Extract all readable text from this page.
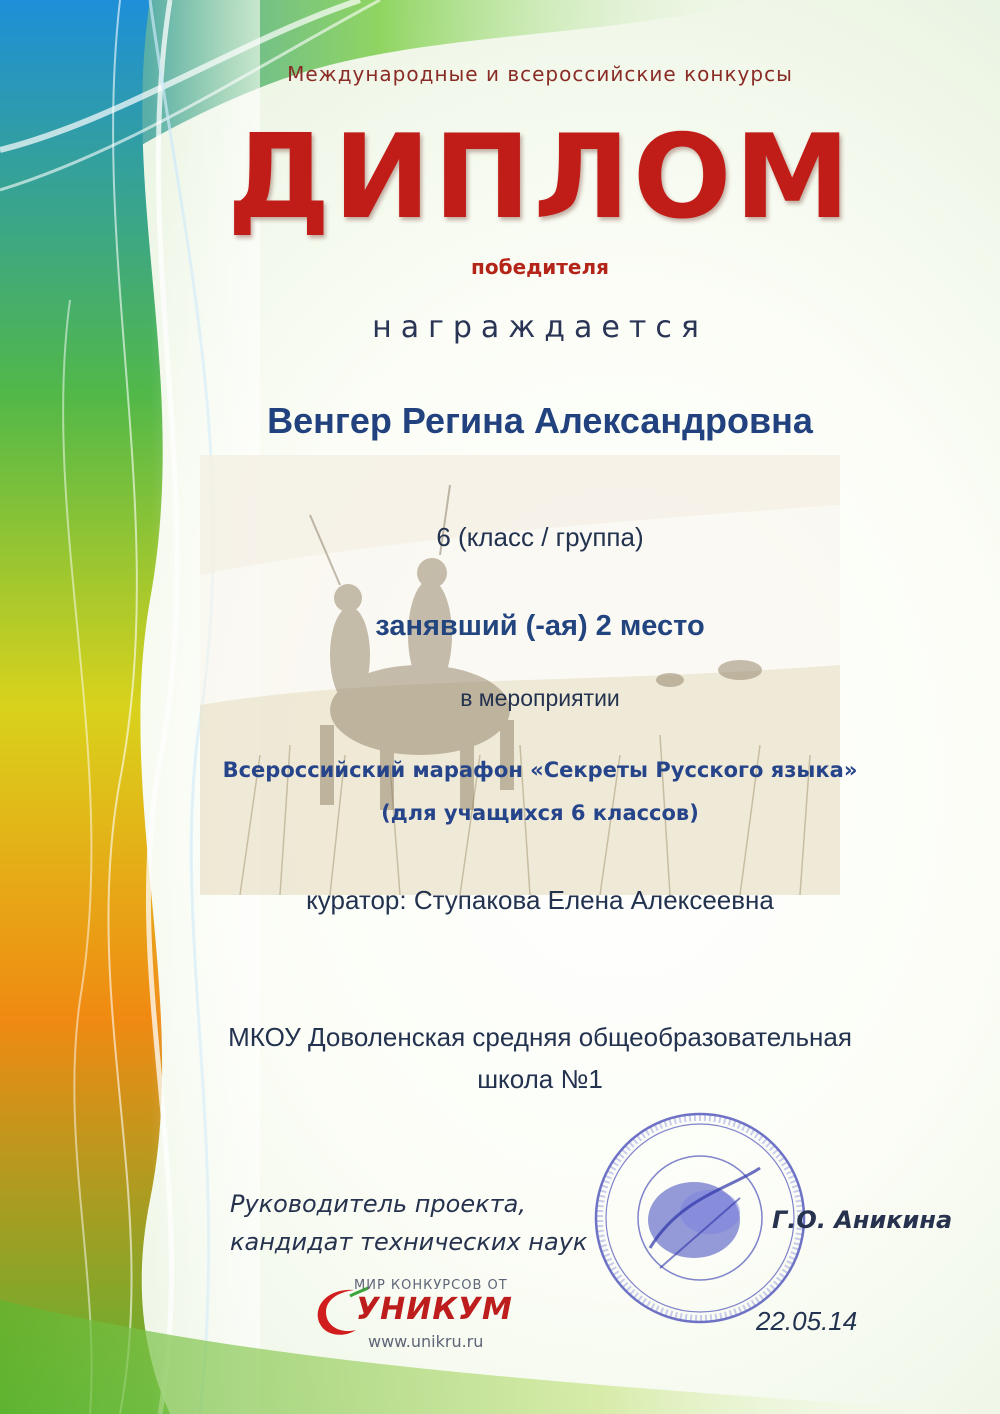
Международные и всероссийские конкурсы
ДИПЛОМ
победителя
награждается
Венгер Регина Александровна
6 (класс / группа)
занявший (-ая) 2 место
в мероприятии
Всероссийский марафон «Секреты Русского языка»
(для учащихся 6 классов)
куратор: Ступакова Елена Алексеевна
МКОУ Доволенская средняя общеобразовательная
школа №1
Руководитель проекта,
кандидат технических наук
Г.О. Аникина
МИР КОНКУРСОВ ОТ
УНИКУМ
www.unikru.ru
22.05.14
